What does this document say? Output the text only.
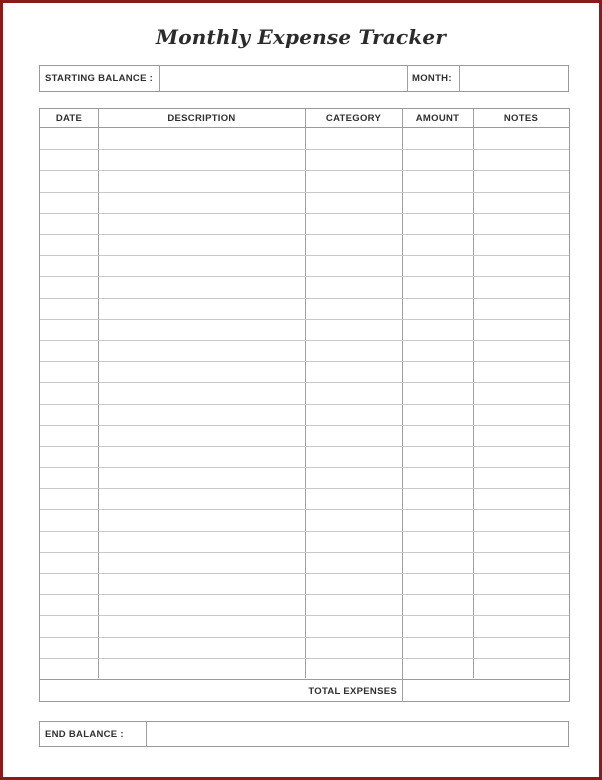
Monthly Expense Tracker
STARTING BALANCE :	MONTH:
DATE	DESCRIPTION	CATEGORY	AMOUNT	NOTES
TOTAL EXPENSES
END BALANCE :
